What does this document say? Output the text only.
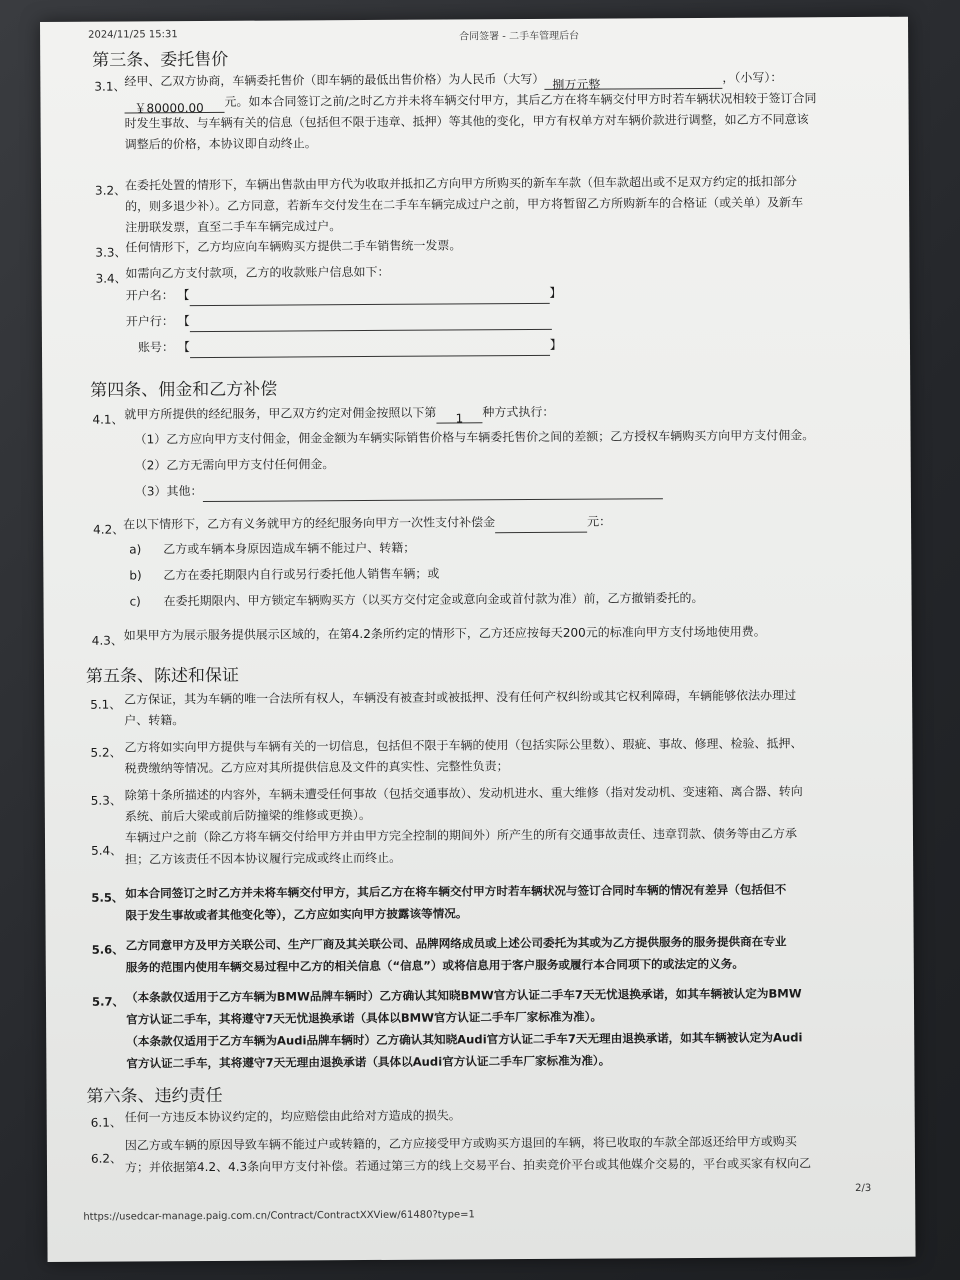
2024/11/25 15:31	合同签署 - 二手车管理后台
第三条、委托售价
3.1、
经甲、乙双方协商，车辆委托售价（即车辆的最低出售价格）为人民币（大写） 捌万元整	，（小写）：
￥80000.00 元。如本合同签订之前/之时乙方并未将车辆交付甲方，其后乙方在将车辆交付甲方时若车辆状况相较于签订合同
时发生事故、与车辆有关的信息（包括但不限于违章、抵押）等其他的变化，甲方有权单方对车辆价款进行调整，如乙方不同意该
调整后的价格，本协议即自动终止。
3.2、
在委托处置的情形下，车辆出售款由甲方代为收取并抵扣乙方向甲方所购买的新车车款（但车款超出或不足双方约定的抵扣部分
的，则多退少补）。乙方同意，若新车交付发生在二手车车辆完成过户之前，甲方将暂留乙方所购新车的合格证（或关单）及新车
注册联发票，直至二手车车辆完成过户。
3.3、
任何情形下，乙方均应向车辆购买方提供二手车销售统一发票。
3.4、
如需向乙方支付款项，乙方的收款账户信息如下：
开户名： 【	】
开户行： 【
账号： 【	】
第四条、佣金和乙方补偿
4.1、 就甲方所提供的经纪服务，甲乙双方约定对佣金按照以下第 1 种方式执行：
（1）乙方应向甲方支付佣金，佣金金额为车辆实际销售价格与车辆委托售价之间的差额；乙方授权车辆购买方向甲方支付佣金。
（2）乙方无需向甲方支付任何佣金。
（3）其他：
4.2、
在以下情形下，乙方有义务就甲方的经纪服务向甲方一次性支付补偿金	元：
a) 乙方或车辆本身原因造成车辆不能过户、转籍；
b) 乙方在委托期限内自行或另行委托他人销售车辆；或
c) 在委托期限内、甲方锁定车辆购买方（以买方交付定金或意向金或首付款为准）前，乙方撤销委托的。
4.3、 如果甲方为展示服务提供展示区域的，在第4.2条所约定的情形下，乙方还应按每天200元的标准向甲方支付场地使用费。
第五条、陈述和保证
5.1、 乙方保证，其为车辆的唯一合法所有权人，车辆没有被查封或被抵押、没有任何产权纠纷或其它权利障碍，车辆能够依法办理过
户、转籍。
5.2、 乙方将如实向甲方提供与车辆有关的一切信息，包括但不限于车辆的使用（包括实际公里数）、瑕疵、事故、修理、检验、抵押、
税费缴纳等情况。乙方应对其所提供信息及文件的真实性、完整性负责；
5.3、 除第十条所描述的内容外，车辆未遭受任何事故（包括交通事故）、发动机进水、重大维修（指对发动机、变速箱、离合器、转向
系统、前后大梁或前后防撞梁的维修或更换）。
5.4、
车辆过户之前（除乙方将车辆交付给甲方并由甲方完全控制的期间外）所产生的所有交通事故责任、违章罚款、债务等由乙方承
担；乙方该责任不因本协议履行完成或终止而终止。
5.5、 如本合同签订之时乙方并未将车辆交付甲方，其后乙方在将车辆交付甲方时若车辆状况与签订合同时车辆的情况有差异（包括但不
限于发生事故或者其他变化等），乙方应如实向甲方披露该等情况。
5.6、 乙方同意甲方及甲方关联公司、生产厂商及其关联公司、品牌网络成员或上述公司委托为其或为乙方提供服务的服务提供商在专业
服务的范围内使用车辆交易过程中乙方的相关信息（“信息”）或将信息用于客户服务或履行本合同项下的或法定的义务。
5.7、 （本条款仅适用于乙方车辆为BMW品牌车辆时）乙方确认其知晓BMW官方认证二手车7天无忧退换承诺，如其车辆被认定为BMW
官方认证二手车，其将遵守7天无忧退换承诺（具体以BMW官方认证二手车厂家标准为准）。
（本条款仅适用于乙方车辆为Audi品牌车辆时）乙方确认其知晓Audi官方认证二手车7天无理由退换承诺，如其车辆被认定为Audi
官方认证二手车，其将遵守7天无理由退换承诺（具体以Audi官方认证二手车厂家标准为准）。
第六条、违约责任
6.1、 任何一方违反本协议约定的，均应赔偿由此给对方造成的损失。
6.2、
因乙方或车辆的原因导致车辆不能过户或转籍的，乙方应接受甲方或购买方退回的车辆，将已收取的车款全部返还给甲方或购买
方；并依据第4.2、4.3条向甲方支付补偿。若通过第三方的线上交易平台、拍卖竞价平台或其他媒介交易的，平台或买家有权向乙
2/3
https://usedcar-manage.paig.com.cn/Contract/ContractXXView/61480?type=1
